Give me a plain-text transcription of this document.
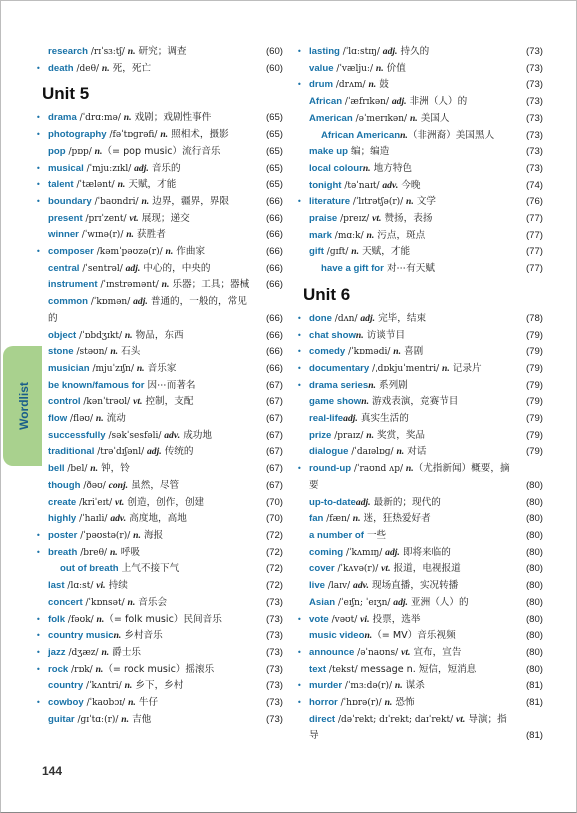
research /rɪˈsɜːtʃ/ n. 研究；调查	(60)
• death /deθ/ n. 死，死亡	(60)
Unit 5
• drama /ˈdrɑːmə/ n. 戏剧；戏剧性事件	(65)
• photography /fəˈtɒɡrəfi/ n. 照相术，摄影	(65)
pop /pɒp/ n.（= pop music）流行音乐	(65)
• musical /ˈmjuːzɪkl/ adj. 音乐的	(65)
• talent /ˈtælənt/ n. 天赋，才能	(65)
• boundary /ˈbaʊndri/ n. 边界，疆界，界限	(66)
present /prɪˈzent/ vt. 展现；递交	(66)
winner /ˈwɪnə(r)/ n. 获胜者	(66)
• composer /kəmˈpəʊzə(r)/ n. 作曲家	(66)
central /ˈsentrəl/ adj. 中心的，中央的	(66)
instrument /ˈɪnstrəmənt/ n. 乐器；工具；器械 (66)
common /ˈkɒmən/ adj. 普通的，一般的，常见的	(66)
object /ˈɒbdʒɪkt/ n. 物品，东西	(66)
stone /stəʊn/ n. 石头	(66)
musician /mjuˈzɪʃn/ n. 音乐家	(66)
be known/famous for 因⋯而著名	(67)
control /kənˈtrəʊl/ vt. 控制，支配	(67)
flow /fləʊ/ n. 流动	(67)
successfully /səkˈsesfəli/ adv. 成功地	(67)
traditional /trəˈdɪʃənl/ adj. 传统的	(67)
bell /bel/ n. 钟，铃	(67)
though /ðəʊ/ conj. 虽然，尽管	(67)
create /kriˈeɪt/ vt. 创造，创作，创建	(70)
highly /ˈhaɪli/ adv. 高度地，高地	(70)
• poster /ˈpəʊstə(r)/ n. 海报	(72)
• breath /breθ/ n. 呼吸	(72)
out of breath 上气不接下气	(72)
last /lɑːst/ vi. 持续	(72)
concert /ˈkɒnsət/ n. 音乐会	(73)
• folk /fəʊk/ n.（= folk music）民间音乐	(73)
• country musicn. 乡村音乐	(73)
• jazz /dʒæz/ n. 爵士乐	(73)
• rock /rɒk/ n.（= rock music）摇滚乐	(73)
country /ˈkʌntri/ n. 乡下，乡村	(73)
• cowboy /ˈkaʊbɔɪ/ n. 牛仔	(73)
guitar /ɡɪˈtɑː(r)/ n. 吉他	(73)
• lasting /ˈlɑːstɪŋ/ adj. 持久的	(73)
value /ˈvæljuː/ n. 价值	(73)
• drum /drʌm/ n. 鼓	(73)
African /ˈæfrɪkən/ adj. 非洲（人）的	(73)
American /əˈmerɪkən/ n. 美国人	(73)
African Americann.（非洲裔）美国黑人	(73)
make up 编；编造	(73)
local colourn. 地方特色	(73)
tonight /təˈnaɪt/ adv. 今晚	(74)
• literature /ˈlɪtrətʃə(r)/ n. 文学	(76)
praise /preɪz/ vt. 赞扬，表扬	(77)
mark /mɑːk/ n. 污点，斑点	(77)
gift /ɡɪft/ n. 天赋，才能	(77)
have a gift for 对⋯有天赋	(77)
Unit 6
• done /dʌn/ adj. 完毕，结束	(78)
• chat shown. 访谈节目	(79)
• comedy /ˈkɒmədi/ n. 喜剧	(79)
• documentary /ˌdɒkjuˈmentri/ n. 记录片	(79)
• drama seriesn. 系列剧	(79)
game shown. 游戏表演，竞赛节目	(79)
real-lifeadj. 真实生活的	(79)
prize /praɪz/ n. 奖赏，奖品	(79)
dialogue /ˈdaɪəlɒɡ/ n. 对话	(79)
• round-up /ˈraʊnd ʌp/ n.（尤指新闻）概要，摘要	(80)
up-to-dateadj. 最新的；现代的	(80)
fan /fæn/ n. 迷，狂热爱好者	(80)
a number of 一些	(80)
coming /ˈkʌmɪŋ/ adj. 即将来临的	(80)
cover /ˈkʌvə(r)/ vt. 报道，电视报道	(80)
live /laɪv/ adv. 现场直播，实况转播	(80)
Asian /ˈeɪʃn; ˈeɪʒn/ adj. 亚洲（人）的	(80)
• vote /vəʊt/ vi. 投票，选举	(80)
music videon.（= MV）音乐视频	(80)
• announce /əˈnaʊns/ vt. 宣布，宣告	(80)
text /tekst/ message n. 短信，短消息	(80)
• murder /ˈmɜːdə(r)/ n. 谋杀	(81)
• horror /ˈhɒrə(r)/ n. 恐怖	(81)
direct /dəˈrekt; dɪˈrekt; daɪˈrekt/ vt. 导演；指导	(81)
Wordlist
144
